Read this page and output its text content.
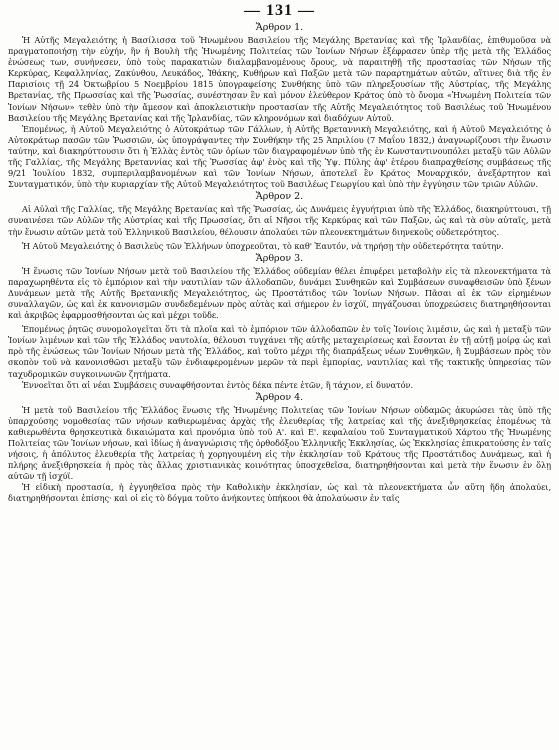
— 131 —
Ἄρθρον 1.

Ἡ Αὐτῆς Μεγαλειότης ἡ Βασίλισσα τοῦ Ἡνωμένου Βασιλείου τῆς Μεγάλης Βρετανίας καὶ τῆς Ἰρλανδίας, ἐπιθυμοῦσα νὰ πραγματοποιήσῃ τὴν εὐχήν, ἣν ἡ Βουλὴ τῆς Ἡνωμένης Πολιτείας τῶν Ἰονίων Νήσων ἐξέφρασεν ὑπὲρ τῆς μετὰ τῆς Ἑλλάδος ἑνώσεως των, συνήνεσεν, ὑπὸ τοὺς παρακατιὼν διαλαμβανομένους ὅρους, νὰ παραιτηθῇ τῆς προστασίας τῶν Νήσων τῆς Κερκύρας, Κεφαλληνίας, Ζακύνθου, Λευκάδος, Ἰθάκης, Κυθήρων καὶ Παξῶν μετὰ τῶν παραρτημάτων αὐτῶν, αἵτινες διὰ τῆς ἐν Παρισίοις τῇ 24 Ὀκτωβρίου 5 Νοεμβρίου 1815 ὑπογραφείσης Συνθήκης ὑπὸ τῶν πληρεξουσίων τῆς Αὐστρίας, τῆς Μεγάλης Βρετανίας, τῆς Πρωσσίας καὶ τῆς Ῥωσσίας, συνέστησαν ἓν καὶ μόνον ἐλεύθερον Κράτος ὑπὸ τὸ ὄνομα «Ἡνωμένη Πολιτεία τῶν Ἰονίων Νήσων» τεθὲν ὑπὸ τὴν ἄμεσον καὶ ἀποκλειστικὴν προστασίαν τῆς Αὐτῆς Μεγαλειότητος τοῦ Βασιλέως τοῦ Ἡνωμένου Βασιλείου τῆς Μεγάλης Βρετανίας καὶ τῆς Ἰρλανδίας, τῶν κληρονόμων καὶ διαδόχων Αὐτοῦ.

Ἐπομένως, ἡ Αὐτοῦ Μεγαλειότης ὁ Αὐτοκράτωρ τῶν Γάλλων, ἡ Αὐτῆς Βρεταννικὴ Μεγαλειότης, καὶ ἡ Αὐτοῦ Μεγαλειότης ὁ Αὐτοκράτωρ πασῶν τῶν Ῥωσσιῶν, ὡς ὑπογράψαντες τὴν Συνθήκην τῆς 25 Ἀπριλίου (7 Μαΐου 1832,) ἀναγνωρίζουσι τὴν ἕνωσιν ταύτην, καὶ διακηρύττουσιν ὅτι ἡ Ἑλλὰς ἐντὸς τῶν ὁρίων τῶν διαγραφομένων ὑπὸ τῆς ἐν Κωνσταντινουπόλει μεταξὺ τῶν Αὐλῶν τῆς Γαλλίας, τῆς Μεγάλης Βρεταννίας καὶ τῆς Ῥωσσίας ἀφ' ἑνὸς καὶ τῆς Ὑψ. Πύλης ἀφ' ἑτέρου διαπραχθείσης συμβάσεως τῆς 9/21 Ἰουλίου 1832, συμπεριλαμβανομένων καὶ τῶν Ἰονίων Νήσων, ἀποτελεῖ ἓν Κράτος Μοναρχικόν, ἀνεξάρτητον καὶ Συνταγματικόν, ὑπὸ τὴν κυριαρχίαν τῆς Αὐτοῦ Μεγαλειότητος τοῦ Βασιλέως Γεωργίου καὶ ὑπὸ τὴν ἐγγύησιν τῶν τριῶν Αὐλῶν.

Ἄρθρον 2.

Αἱ Αὐλαὶ τῆς Γαλλίας, τῆς Μεγάλης Βρετανίας καὶ τῆς Ῥωσσίας, ὡς Δυνάμεις ἐγγυήτριαι ὑπὸ τῆς Ἑλλάδος, διακηρύττουσι, τῇ συναινέσει τῶν Αὐλῶν τῆς Αὐστρίας καὶ τῆς Πρωσσίας, ὅτι αἱ Νῆσοι τῆς Κερκύρας καὶ τῶν Παξῶν, ὡς καὶ τὰ σὺν αὐταῖς, μετὰ τὴν ἕνωσιν αὐτῶν μετὰ τοῦ Ἑλληνικοῦ Βασιλείου, θέλουσιν ἀπολαύει τῶν πλεονεκτημάτων διηνεκοῦς οὐδετερότητος.

Ἡ Αὐτοῦ Μεγαλειότης ὁ Βασιλεὺς τῶν Ἑλλήνων ὑποχρεοῦται, τὸ καθ' Ἑαυτόν, νὰ τηρήσῃ τὴν οὐδετερότητα ταύτην.

Ἄρθρον 3.

Ἡ ἕνωσις τῶν Ἰονίων Νήσων μετὰ τοῦ Βασιλείου τῆς Ἑλλάδος οὐδεμίαν θέλει ἐπιφέρει μεταβολὴν εἰς τὰ πλεονεκτήματα τὰ παραχωρηθέντα εἰς τὸ ἐμπόριον καὶ τὴν ναυτιλίαν τῶν ἀλλοδαπῶν, δυνάμει Συνθηκῶν καὶ Συμβάσεων συναφθεισῶν ὑπὸ ξένων Δυνάμεων μετὰ τῆς Αὐτῆς Βρετανικῆς Μεγαλειότητος, ὡς Προστάτιδος τῶν Ἰονίων Νήσων. Πᾶσαι αἱ ἐκ τῶν εἰρημένων συναλλαγῶν, ὡς καὶ ἐκ κανονισμῶν συνδεδεμένων πρὸς αὐτὰς καὶ σήμερον ἐν ἰσχύϊ, πηγάζουσαι ὑποχρεώσεις διατηρηθήσονται καὶ ἀκριβῶς ἐφαρμοσθήσονται ὡς καὶ μέχρι τοῦδε.

Ἐπομένως ῥητῶς συνομολογεῖται ὅτι τὰ πλοῖα καὶ τὸ ἐμπόριον τῶν ἀλλοδαπῶν ἐν τοῖς Ἰονίοις λιμέσιν, ὡς καὶ ἡ μεταξὺ τῶν Ἰονίων λιμένων καὶ τῶν τῆς Ἑλλάδος ναυτολία, θέλουσι τυγχάνει τῆς αὐτῆς μεταχειρίσεως καὶ ἔσονται ἐν τῇ αὐτῇ μοίρᾳ ὡς καὶ πρὸ τῆς ἑνώσεως τῶν Ἰονίων Νήσων μετὰ τῆς Ἑλλάδος, καὶ τοῦτο μέχρι τῆς διαπράξεως νέων Συνθηκῶν, ἢ Συμβάσεων πρὸς τὸν σκοπὸν τοῦ νὰ κανονισθῶσι μεταξὺ τῶν ἐνδιαφερομένων μερῶν τὰ περὶ ἐμπορίας, ναυτιλίας καὶ τῆς τακτικῆς ὑπηρεσίας τῶν ταχυδρομικῶν συγκοινωνῶν ζητήματα.

Ἐννοεῖται ὅτι αἱ νέαι Συμβάσεις συναφθήσονται ἐντὸς δέκα πέντε ἐτῶν, ἢ τάχιον, εἰ δυνατόν.

Ἄρθρον 4.

Ἡ μετὰ τοῦ Βασιλείου τῆς Ἑλλάδος ἕνωσις τῆς Ἡνωμένης Πολιτείας τῶν Ἰονίων Νήσων οὐδαμῶς ἀκυρώσει τὰς ὑπὸ τῆς ὑπαρχούσης νομοθεσίας τῶν νήσων καθιερωμένας ἀρχὰς τῆς ἐλευθερίας τῆς λατρείας καὶ τῆς ἀνεξιθρησκείας ἐπομένως τὰ καθιερωθέντα θρησκευτικὰ δικαιώματα καὶ προνόμια ὑπὸ τοῦ Α'. καὶ Ε'. κεφαλαίου τοῦ Συνταγματικοῦ Χάρτου τῆς Ἡνωμένης Πολιτείας τῶν Ἰονίων νήσων, καὶ ἰδίως ἡ ἀναγνώρισις τῆς ὀρθοδόξου Ἑλληνικῆς Ἐκκλησίας, ὡς Ἐκκλησίας ἐπικρατούσης ἐν ταῖς νήσοις, ἡ ἀπόλυτος ἐλευθερία τῆς λατρείας ἡ χορηγουμένη εἰς τὴν ἐκκλησίαν τοῦ Κράτους τῆς Προστάτιδος Δυνάμεως, καὶ ἡ πλήρης ἀνεξιθρησκεία ἡ πρὸς τὰς ἄλλας χριστιανικὰς κοινότητας ὑποσχεθεῖσα, διατηρηθήσονται καὶ μετὰ τὴν ἕνωσιν ἐν ὅλῃ αὐτῶν τῇ ἰσχύϊ.

Ἡ εἰδικὴ προστασία, ἡ ἐγγυηθεῖσα πρὸς τὴν Καθολικὴν ἐκκλησίαν, ὡς καὶ τὰ πλεονεκτήματα ὧν αὕτη ἤδη ἀπολαύει, διατηρηθήσονται ἐπίσης· καὶ οἱ εἰς τὸ δόγμα τοῦτο ἀνήκοντες ὑπήκοοι θὰ ἀπολαύωσιν ἐν ταῖς
